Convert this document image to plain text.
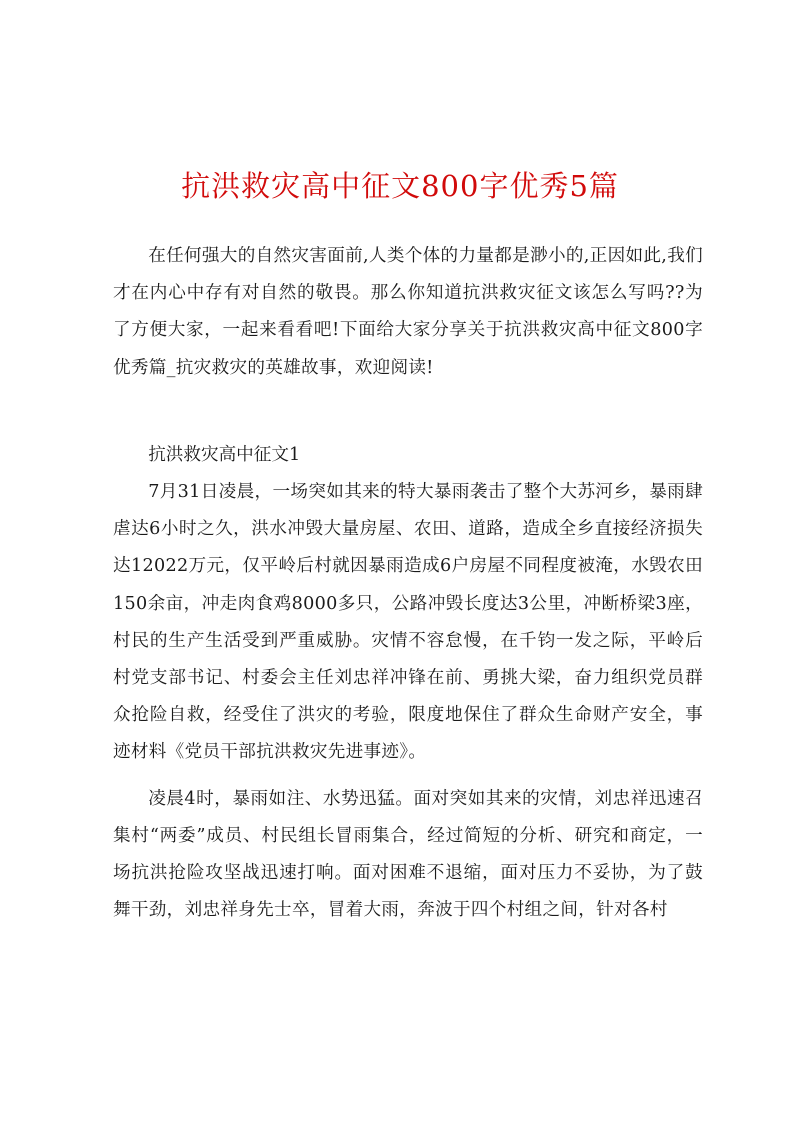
抗洪救灾高中征文800字优秀5篇

在任何强大的自然灾害面前,人类个体的力量都是渺小的,正因如此,我们才在内心中存有对自然的敬畏。那么你知道抗洪救灾征文该怎么写吗??为了方便大家，一起来看看吧!下面给大家分享关于抗洪救灾高中征文800字优秀篇_抗灾救灾的英雄故事，欢迎阅读!

抗洪救灾高中征文1

7月31日凌晨，一场突如其来的特大暴雨袭击了整个大苏河乡，暴雨肆虐达6小时之久，洪水冲毁大量房屋、农田、道路，造成全乡直接经济损失达12022万元，仅平岭后村就因暴雨造成6户房屋不同程度被淹，水毁农田150余亩，冲走肉食鸡8000多只，公路冲毁长度达3公里，冲断桥梁3座，村民的生产生活受到严重威胁。灾情不容怠慢，在千钧一发之际，平岭后村党支部书记、村委会主任刘忠祥冲锋在前、勇挑大梁，奋力组织党员群众抢险自救，经受住了洪灾的考验，限度地保住了群众生命财产安全，事迹材料《党员干部抗洪救灾先进事迹》。

凌晨4时，暴雨如注、水势迅猛。面对突如其来的灾情，刘忠祥迅速召集村“两委”成员、村民组长冒雨集合，经过简短的分析、研究和商定，一场抗洪抢险攻坚战迅速打响。面对困难不退缩，面对压力不妥协，为了鼓舞干劲，刘忠祥身先士卒，冒着大雨，奔波于四个村组之间，针对各村
